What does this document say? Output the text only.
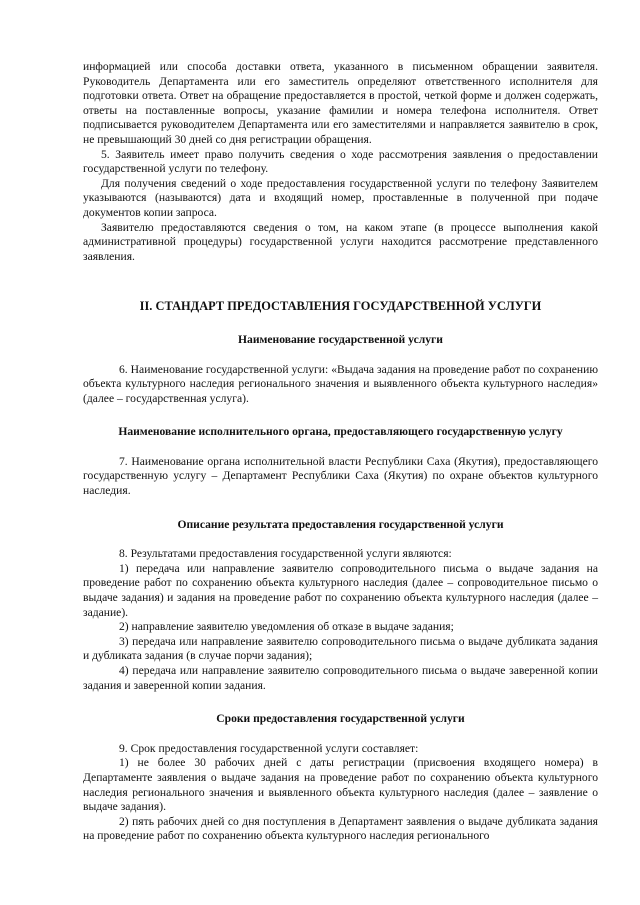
информацией или способа доставки ответа, указанного в письменном обращении заявителя. Руководитель Департамента или его заместитель определяют ответственного исполнителя для подготовки ответа. Ответ на обращение предоставляется в простой, четкой форме и должен содержать, ответы на поставленные вопросы, указание фамилии и номера телефона исполнителя. Ответ подписывается руководителем Департамента или его заместителями и направляется заявителю в срок, не превышающий 30 дней со дня регистрации обращения.

5. Заявитель имеет право получить сведения о ходе рассмотрения заявления о предоставлении государственной услуги по телефону.

Для получения сведений о ходе предоставления государственной услуги по телефону Заявителем указываются (называются) дата и входящий номер, проставленные в полученной при подаче документов копии запроса.

Заявителю предоставляются сведения о том, на каком этапе (в процессе выполнения какой административной процедуры) государственной услуги находится рассмотрение представленного заявления.

II. СТАНДАРТ ПРЕДОСТАВЛЕНИЯ ГОСУДАРСТВЕННОЙ УСЛУГИ

Наименование государственной услуги

6. Наименование государственной услуги: «Выдача задания на проведение работ по сохранению объекта культурного наследия регионального значения и выявленного объекта культурного наследия» (далее – государственная услуга).

Наименование исполнительного органа, предоставляющего государственную услугу

7. Наименование органа исполнительной власти Республики Саха (Якутия), предоставляющего государственную услугу – Департамент Республики Саха (Якутия) по охране объектов культурного наследия.

Описание результата предоставления государственной услуги

8. Результатами предоставления государственной услуги являются:

1) передача или направление заявителю сопроводительного письма о выдаче задания на проведение работ по сохранению объекта культурного наследия (далее – сопроводительное письмо о выдаче задания) и задания на проведение работ по сохранению объекта культурного наследия (далее – задание).

2) направление заявителю уведомления об отказе в выдаче задания;

3) передача или направление заявителю сопроводительного письма о выдаче дубликата задания и дубликата задания (в случае порчи задания);

4) передача или направление заявителю сопроводительного письма о выдаче заверенной копии задания и заверенной копии задания.

Сроки предоставления государственной услуги

9. Срок предоставления государственной услуги составляет:

1) не более 30 рабочих дней с даты регистрации (присвоения входящего номера) в Департаменте заявления о выдаче задания на проведение работ по сохранению объекта культурного наследия регионального значения и выявленного объекта культурного наследия (далее – заявление о выдаче задания).

2) пять рабочих дней со дня поступления в Департамент заявления о выдаче дубликата задания на проведение работ по сохранению объекта культурного наследия регионального
